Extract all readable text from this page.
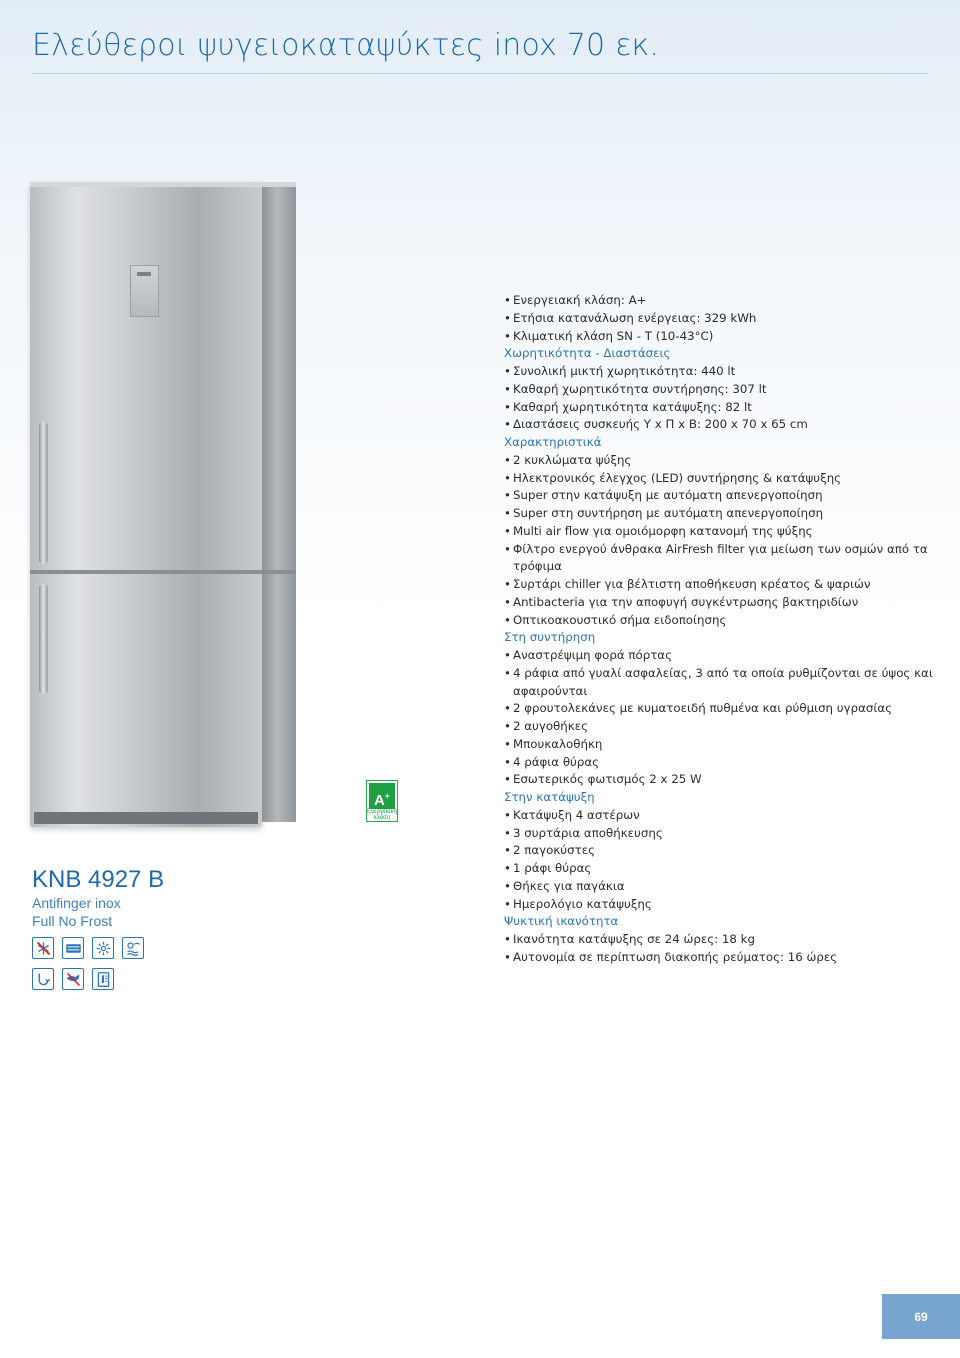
Ελεύθεροι ψυγειοκαταψύκτες inox 70 εκ.
A+
Ενεργειακή κλάση
KNB 4927 B
Antifinger inox
Full No Frost
• Ενεργειακή κλάση: A+
• Ετήσια κατανάλωση ενέργειας: 329 kWh
• Κλιματική κλάση SN - T (10-43°C)
Χωρητικότητα - Διαστάσεις
• Συνολική μικτή χωρητικότητα: 440 lt
• Καθαρή χωρητικότητα συντήρησης: 307 lt
• Καθαρή χωρητικότητα κατάψυξης: 82 lt
• Διαστάσεις συσκευής Υ x Π x Β: 200 x 70 x 65 cm
Χαρακτηριστικά
• 2 κυκλώματα ψύξης
• Ηλεκτρονικός έλεγχος (LED) συντήρησης & κατάψυξης
• Super στην κατάψυξη με αυτόματη απενεργοποίηση
• Super στη συντήρηση με αυτόματη απενεργοποίηση
• Multi air flow για ομοιόμορφη κατανομή της ψύξης
• Φίλτρο ενεργού άνθρακα AirFresh filter για μείωση των οσμών από τα τρόφιμα
• Συρτάρι chiller για βέλτιστη αποθήκευση κρέατος & ψαριών
• Antibacteria για την αποφυγή συγκέντρωσης βακτηριδίων
• Οπτικοακουστικό σήμα ειδοποίησης
Στη συντήρηση
• Αναστρέψιμη φορά πόρτας
• 4 ράφια από γυαλί ασφαλείας, 3 από τα οποία ρυθμίζονται σε ύψος και αφαιρούνται
• 2 φρουτολεκάνες με κυματοειδή πυθμένα και ρύθμιση υγρασίας
• 2 αυγοθήκες
• Μπουκαλοθήκη
• 4 ράφια θύρας
• Εσωτερικός φωτισμός 2 x 25 W
Στην κατάψυξη
• Κατάψυξη 4 αστέρων
• 3 συρτάρια αποθήκευσης
• 2 παγοκύστες
• 1 ράφι θύρας
• Θήκες για παγάκια
• Ημερολόγιο κατάψυξης
Ψυκτική ικανότητα
• Ικανότητα κατάψυξης σε 24 ώρες: 18 kg
• Αυτονομία σε περίπτωση διακοπής ρεύματος: 16 ώρες
69
